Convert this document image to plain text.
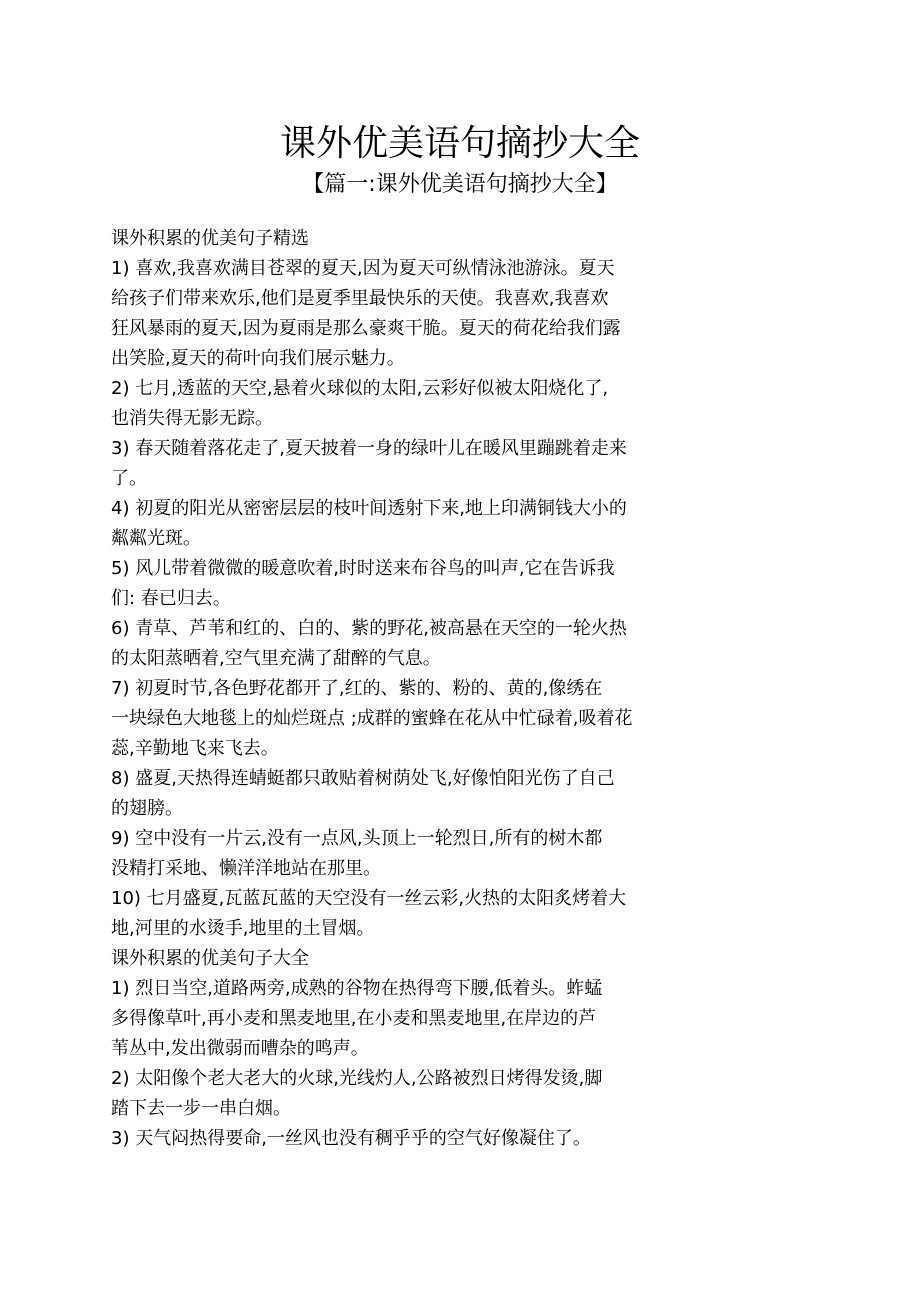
课外优美语句摘抄大全
【篇一:课外优美语句摘抄大全】
课外积累的优美句子精选
1) 喜欢,我喜欢满目苍翠的夏天,因为夏天可纵情泳池游泳。夏天
给孩子们带来欢乐,他们是夏季里最快乐的天使。我喜欢,我喜欢
狂风暴雨的夏天,因为夏雨是那么豪爽干脆。夏天的荷花给我们露
出笑脸,夏天的荷叶向我们展示魅力。
2) 七月,透蓝的天空,悬着火球似的太阳,云彩好似被太阳烧化了,
也消失得无影无踪。
3) 春天随着落花走了,夏天披着一身的绿叶儿在暖风里蹦跳着走来
了。
4) 初夏的阳光从密密层层的枝叶间透射下来,地上印满铜钱大小的
粼粼光斑。
5) 风儿带着微微的暖意吹着,时时送来布谷鸟的叫声,它在告诉我
们: 春已归去。
6) 青草、芦苇和红的、白的、紫的野花,被高悬在天空的一轮火热
的太阳蒸晒着,空气里充满了甜醉的气息。
7) 初夏时节,各色野花都开了,红的、紫的、粉的、黄的,像绣在
一块绿色大地毯上的灿烂斑点 ;成群的蜜蜂在花从中忙碌着,吸着花
蕊,辛勤地飞来飞去。
8) 盛夏,天热得连蜻蜓都只敢贴着树荫处飞,好像怕阳光伤了自己
的翅膀。
9) 空中没有一片云,没有一点风,头顶上一轮烈日,所有的树木都
没精打采地、懒洋洋地站在那里。
10) 七月盛夏,瓦蓝瓦蓝的天空没有一丝云彩,火热的太阳炙烤着大
地,河里的水烫手,地里的土冒烟。
课外积累的优美句子大全
1) 烈日当空,道路两旁,成熟的谷物在热得弯下腰,低着头。蚱蜢
多得像草叶,再小麦和黑麦地里,在小麦和黑麦地里,在岸边的芦
苇丛中,发出微弱而嘈杂的鸣声。
2) 太阳像个老大老大的火球,光线灼人,公路被烈日烤得发烫,脚
踏下去一步一串白烟。
3) 天气闷热得要命,一丝风也没有稠乎乎的空气好像凝住了。
